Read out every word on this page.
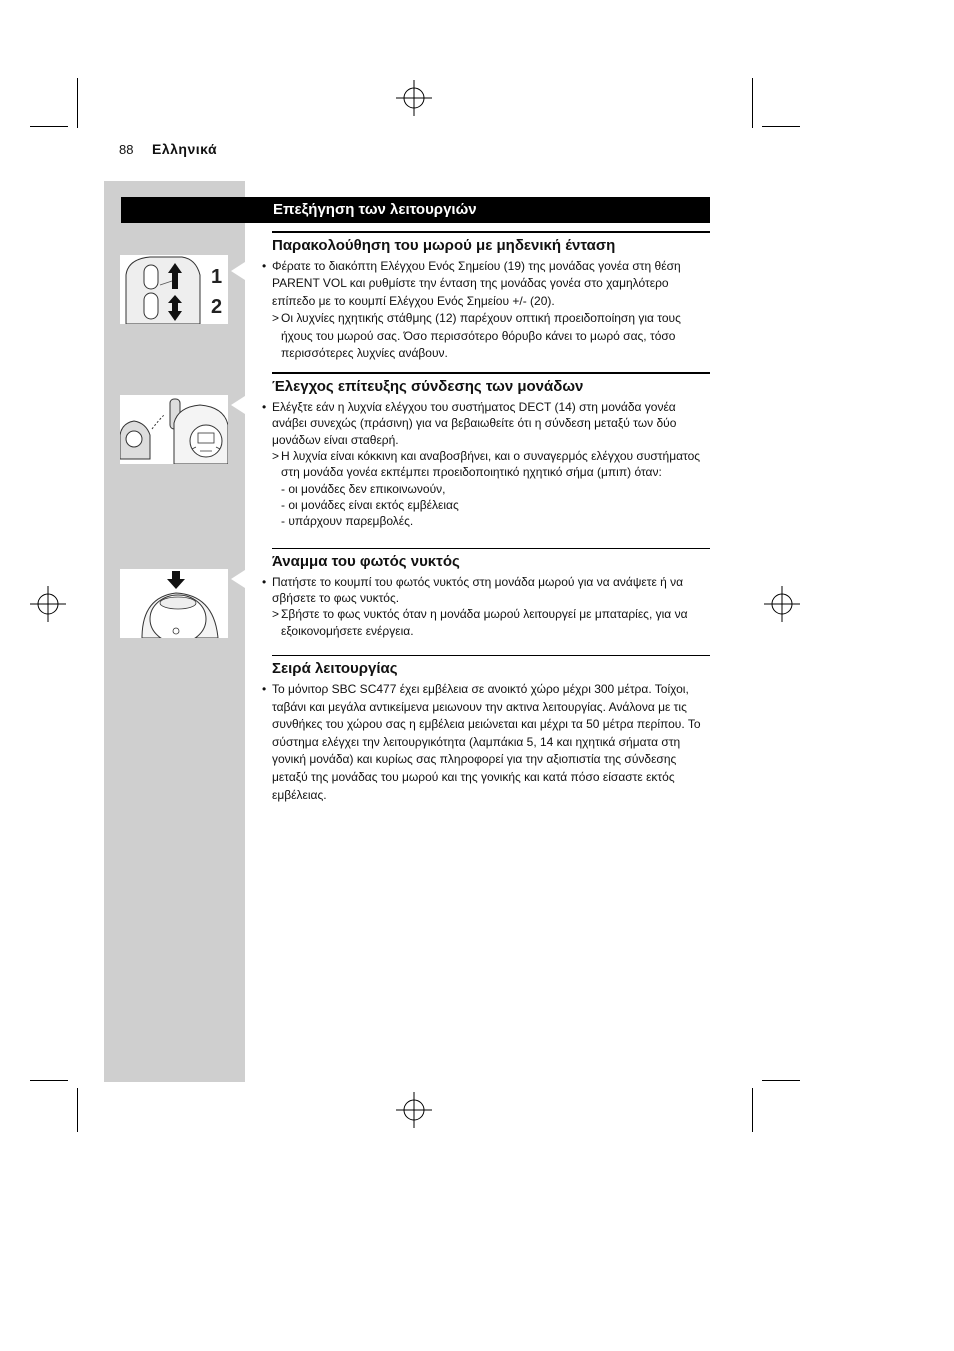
88 Ελληνικά
Επεξήγηση των λειτουργιών
1
2
Παρακολούθηση του μωρού με μηδενική ένταση
• Φέρατε το διακόπτη Ελέγχου Ενός Σημείου (19) της μονάδας γονέα στη θέση PARENT VOL και ρυθμίστε την ένταση της μονάδας γονέα στο χαμηλότερο επίπεδο με το κουμπί Ελέγχου Ενός Σημείου +/- (20).
> Οι λυχνίες ηχητικής στάθμης (12) παρέχουν οπτική προειδοποίηση για τους ήχους του μωρού σας. Όσο περισσότερο θόρυβο κάνει το μωρό σας, τόσο περισσότερες λυχνίες ανάβουν.
Έλεγχος επίτευξης σύνδεσης των μονάδων
• Ελέγξτε εάν η λυχνία ελέγχου του συστήματος DECT (14) στη μονάδα γονέα ανάβει συνεχώς (πράσινη) για να βεβαιωθείτε ότι η σύνδεση μεταξύ των δύο μονάδων είναι σταθερή.
> Η λυχνία είναι κόκκινη και αναβοσβήνει, και ο συναγερμός ελέγχου συστήματος στη μονάδα γονέα εκπέμπει προειδοποιητικό ηχητικό σήμα (μπιπ) όταν:
- οι μονάδες δεν επικοινωνούν,
- οι μονάδες είναι εκτός εμβέλειας
- υπάρχουν παρεμβολές.
Άναμμα του φωτός νυκτός
• Πατήστε το κουμπί του φωτός νυκτός στη μονάδα μωρού για να ανάψετε ή να σβήσετε το φως νυκτός.
> Σβήστε το φως νυκτός όταν η μονάδα μωρού λειτουργεί με μπαταρίες, για να εξοικονομήσετε ενέργεια.
Σειρά λειτουργίας
• Το μόνιτορ SBC SC477 έχει εμβέλεια σε ανοικτό χώρο μέχρι 300 μέτρα. Τοίχοι, ταβάνι και μεγάλα αντικείμενα μειωνουν την ακτινα λειτουργίας. Ανάλονα με τις συνθήκες του χώρου σας η εμβέλεια μειώνεται και μέχρι τα 50 μέτρα περίπου. Το σύστημα ελέγχει την λειτουργικότητα (λαμπάκια 5, 14 και ηχητικά σήματα στη γονική μονάδα) και κυρίως σας πληροφορεί για την αξιοπιστία της σύνδεσης μεταξύ της μονάδας του μωρού και της γονικής και κατά πόσο είσαστε εκτός εμβέλειας.
